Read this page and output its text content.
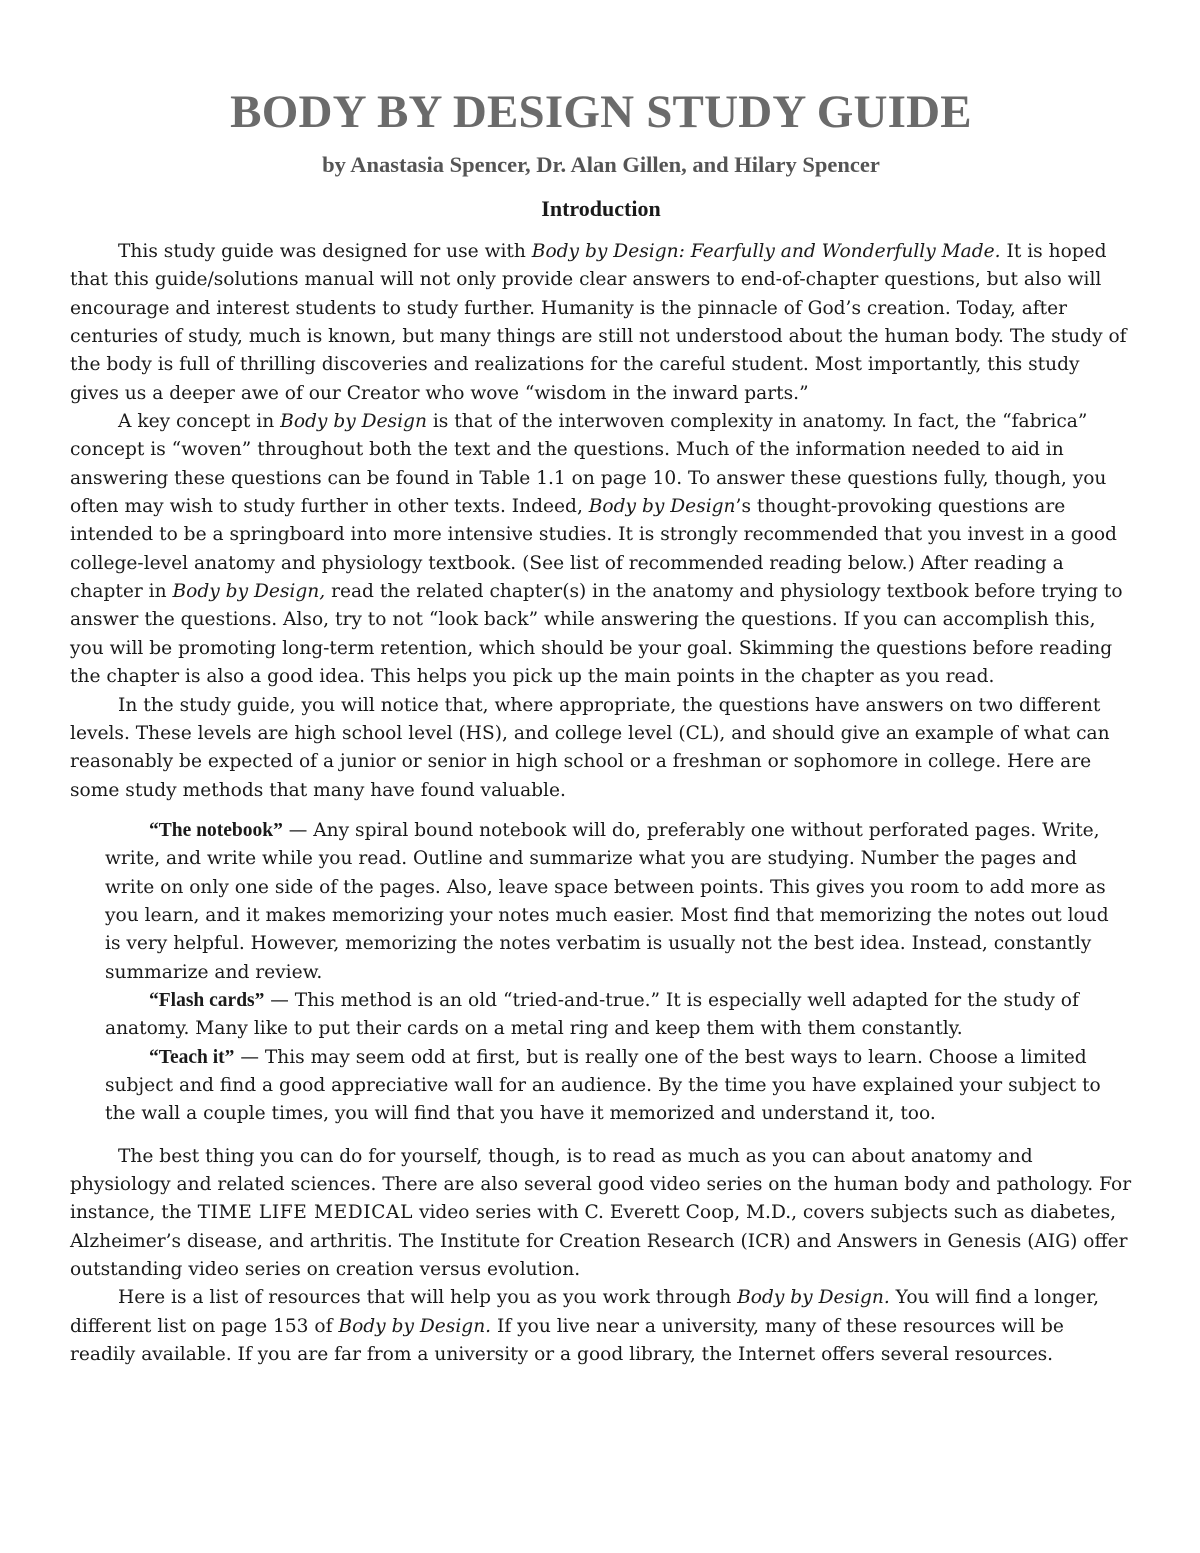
BODY BY DESIGN STUDY GUIDE
by Anastasia Spencer, Dr. Alan Gillen, and Hilary Spencer
Introduction

This study guide was designed for use with Body by Design: Fearfully and Wonderfully Made. It is hoped that this guide/solutions manual will not only provide clear answers to end-of-chapter questions, but also will encourage and interest students to study further. Humanity is the pinnacle of God’s creation. Today, after centuries of study, much is known, but many things are still not understood about the human body. The study of the body is full of thrilling discoveries and realizations for the careful student. Most importantly, this study gives us a deeper awe of our Creator who wove “wisdom in the inward parts.”

A key concept in Body by Design is that of the interwoven complexity in anatomy. In fact, the “fabrica” concept is “woven” throughout both the text and the questions. Much of the information needed to aid in answering these questions can be found in Table 1.1 on page 10. To answer these questions fully, though, you often may wish to study further in other texts. Indeed, Body by Design’s thought-provoking questions are intended to be a springboard into more intensive studies. It is strongly recommended that you invest in a good college-level anatomy and physiology textbook. (See list of recommended reading below.) After reading a chapter in Body by Design, read the related chapter(s) in the anatomy and physiology textbook before trying to answer the questions. Also, try to not “look back” while answering the questions. If you can accomplish this, you will be promoting long-term retention, which should be your goal. Skimming the questions before reading the chapter is also a good idea. This helps you pick up the main points in the chapter as you read.

In the study guide, you will notice that, where appropriate, the questions have answers on two different levels. These levels are high school level (HS), and college level (CL), and should give an example of what can reasonably be expected of a junior or senior in high school or a freshman or sophomore in college. Here are some study methods that many have found valuable.

“The notebook” — Any spiral bound notebook will do, preferably one without perforated pages. Write, write, and write while you read. Outline and summarize what you are studying. Number the pages and write on only one side of the pages. Also, leave space between points. This gives you room to add more as you learn, and it makes memorizing your notes much easier. Most find that memorizing the notes out loud is very helpful. However, memorizing the notes verbatim is usually not the best idea. Instead, constantly summarize and review.

“Flash cards” — This method is an old “tried-and-true.” It is especially well adapted for the study of anatomy. Many like to put their cards on a metal ring and keep them with them constantly.

“Teach it” — This may seem odd at first, but is really one of the best ways to learn. Choose a limited subject and find a good appreciative wall for an audience. By the time you have explained your subject to the wall a couple times, you will find that you have it memorized and understand it, too.

The best thing you can do for yourself, though, is to read as much as you can about anatomy and physiology and related sciences. There are also several good video series on the human body and pathology. For instance, the TIME LIFE MEDICAL video series with C. Everett Coop, M.D., covers subjects such as diabetes, Alzheimer’s disease, and arthritis. The Institute for Creation Research (ICR) and Answers in Genesis (AIG) offer outstanding video series on creation versus evolution.

Here is a list of resources that will help you as you work through Body by Design. You will find a longer, different list on page 153 of Body by Design. If you live near a university, many of these resources will be readily available. If you are far from a university or a good library, the Internet offers several resources.
